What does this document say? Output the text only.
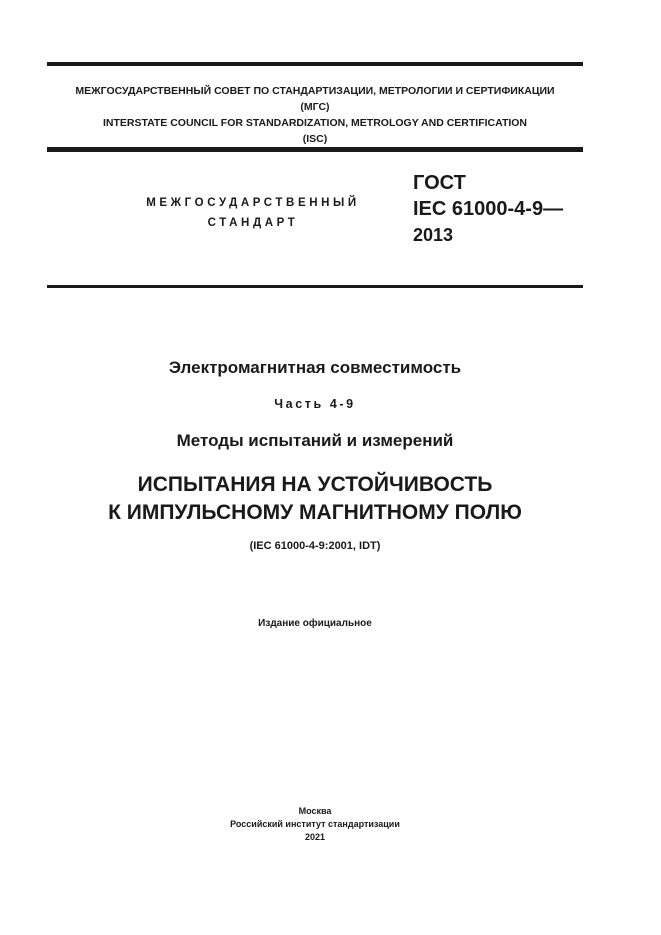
МЕЖГОСУДАРСТВЕННЫЙ СОВЕТ ПО СТАНДАРТИЗАЦИИ, МЕТРОЛОГИИ И СЕРТИФИКАЦИИ
(МГС)
INTERSTATE COUNCIL FOR STANDARDIZATION, METROLOGY AND CERTIFICATION
(ISC)
МЕЖГОСУДАРСТВЕННЫЙ
СТАНДАРТ
ГОСТ
IEC 61000-4-9—
2013
Электромагнитная совместимость
Часть 4-9
Методы испытаний и измерений
ИСПЫТАНИЯ НА УСТОЙЧИВОСТЬ
К ИМПУЛЬСНОМУ МАГНИТНОМУ ПОЛЮ
(IEC 61000-4-9:2001, IDT)
Издание официальное
Москва
Российский институт стандартизации
2021
